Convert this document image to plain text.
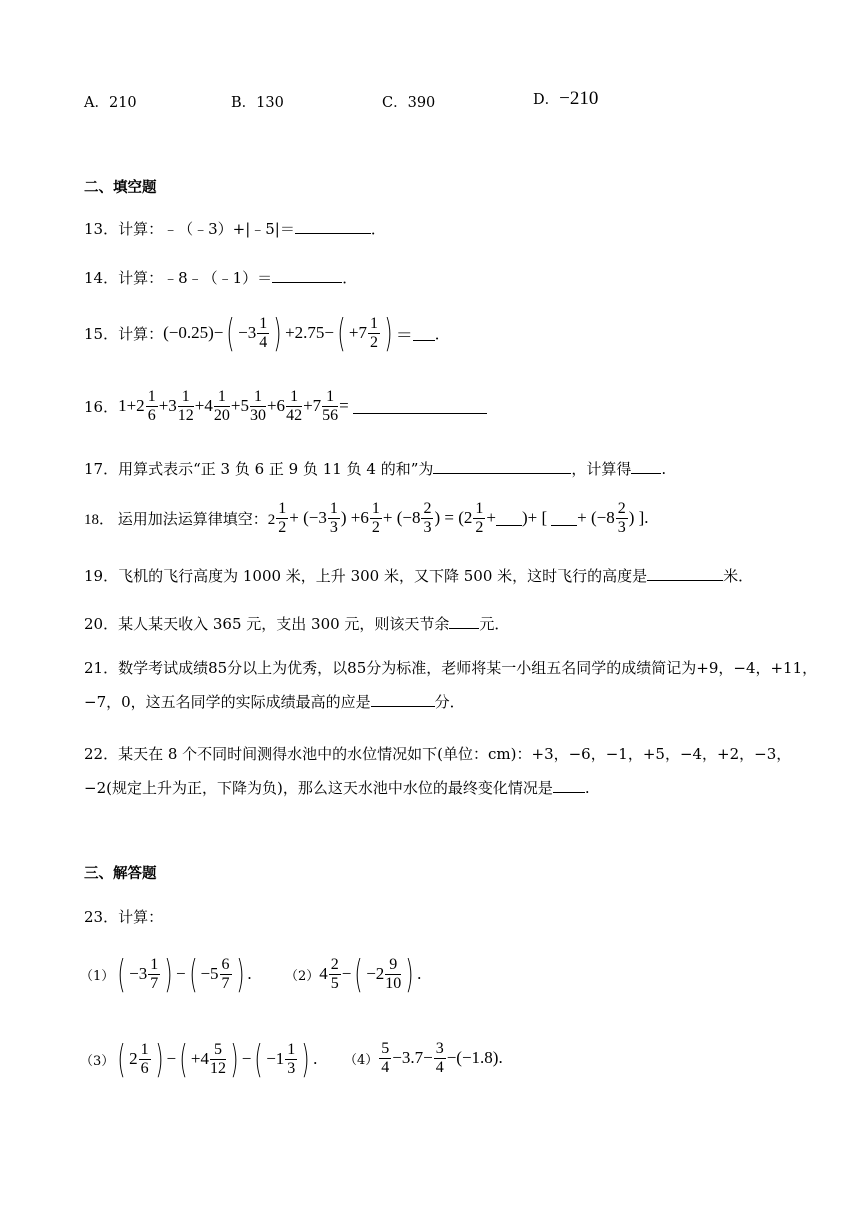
A．210	B．130	C．390	D．−210
二、填空题
13．计算：﹣（﹣3）+|﹣5|＝	．
14．计算：﹣8﹣（﹣1）＝	．
15．计算： (−0.25)− ( $-3 \frac{1}{4}$ ) +2.75− ( $+7 \frac{1}{2}$ ) ＝ ．
16． $1+2 \frac{1}{6} +3 \frac{1}{12} +4 \frac{1}{20} +5 \frac{1}{30} +6 \frac{1}{42} +7 \frac{1}{56}$ =
17．用算式表示“正 3 负 6 正 9 负 11 负 4 的和”为	，计算得 .
18． 运用加法运算律填空：$2 \frac{1}{2} + (-3 \frac{1}{3}$ ) $+6 \frac{1}{2} + (-8 \frac{2}{3}$ ) = ($2 \frac{1}{2}$ + )+ [ + ($-8 \frac{2}{3}$ ) ].
19．飞机的飞行高度为 1000 米，上升 300 米，又下降 500 米，这时飞行的高度是	米．
20．某人某天收入 365 元，支出 300 元，则该天节余 元．
21．数学考试成绩85分以上为优秀，以85分为标准，老师将某一小组五名同学的成绩简记为+9，−4，+11，
−7，0，这五名同学的实际成绩最高的应是	分．
22．某天在 8 个不同时间测得水池中的水位情况如下(单位：cm)：+3，−6，−1，+5，−4，+2，−3，
−2(规定上升为正，下降为负)，那么这天水池中水位的最终变化情况是 .
三、解答题
23．计算：
（1） ( $-3 \frac{1}{7}$ ) − ( $-5 \frac{6}{7}$ ) .	（2） $4 \frac{2}{5}$ − ( $-2 \frac{9}{10}$ ) .
（3） ( $2 \frac{1}{6}$ ) − ( $+4 \frac{5}{12}$ ) − ( $-1 \frac{1}{3}$ ) . $(4) \frac{5}{4} -3.7- \frac{3}{4} -(-1.8)$ .
